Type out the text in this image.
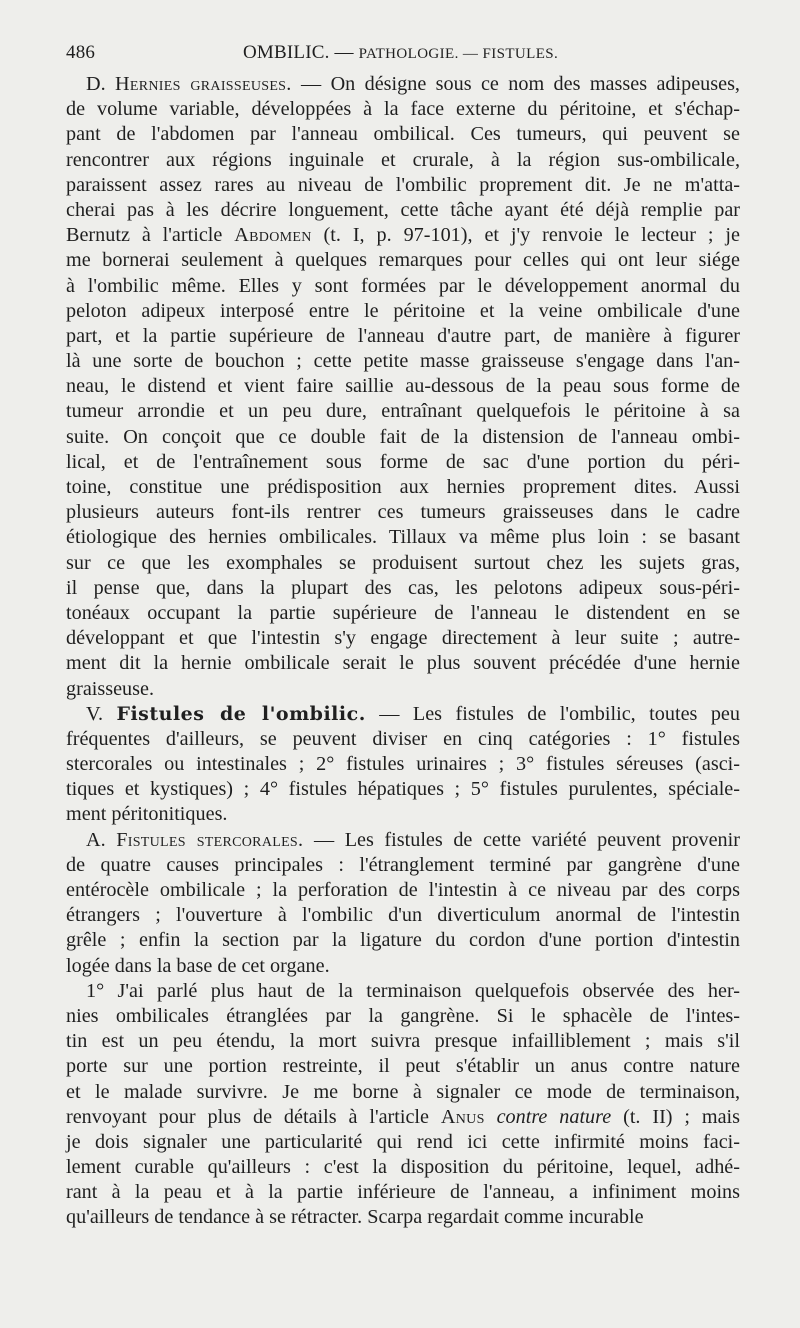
486	OMBILIC. — PATHOLOGIE. — FISTULES.
D. Hernies graisseuses. — On désigne sous ce nom des masses adipeuses,
de volume variable, développées à la face externe du péritoine, et s'échap-
pant de l'abdomen par l'anneau ombilical. Ces tumeurs, qui peuvent se
rencontrer aux régions inguinale et crurale, à la région sus-ombilicale,
paraissent assez rares au niveau de l'ombilic proprement dit. Je ne m'atta-
cherai pas à les décrire longuement, cette tâche ayant été déjà remplie par
Bernutz à l'article Abdomen (t. I, p. 97-101), et j'y renvoie le lecteur ; je
me bornerai seulement à quelques remarques pour celles qui ont leur siége
à l'ombilic même. Elles y sont formées par le développement anormal du
peloton adipeux interposé entre le péritoine et la veine ombilicale d'une
part, et la partie supérieure de l'anneau d'autre part, de manière à figurer
là une sorte de bouchon ; cette petite masse graisseuse s'engage dans l'an-
neau, le distend et vient faire saillie au-dessous de la peau sous forme de
tumeur arrondie et un peu dure, entraînant quelquefois le péritoine à sa
suite. On conçoit que ce double fait de la distension de l'anneau ombi-
lical, et de l'entraînement sous forme de sac d'une portion du péri-
toine, constitue une prédisposition aux hernies proprement dites. Aussi
plusieurs auteurs font-ils rentrer ces tumeurs graisseuses dans le cadre
étiologique des hernies ombilicales. Tillaux va même plus loin : se basant
sur ce que les exomphales se produisent surtout chez les sujets gras,
il pense que, dans la plupart des cas, les pelotons adipeux sous-péri-
tonéaux occupant la partie supérieure de l'anneau le distendent en se
développant et que l'intestin s'y engage directement à leur suite ; autre-
ment dit la hernie ombilicale serait le plus souvent précédée d'une hernie
graisseuse.
V. Fistules de l'ombilic. — Les fistules de l'ombilic, toutes peu
fréquentes d'ailleurs, se peuvent diviser en cinq catégories : 1° fistules
stercorales ou intestinales ; 2° fistules urinaires ; 3° fistules séreuses (asci-
tiques et kystiques) ; 4° fistules hépatiques ; 5° fistules purulentes, spéciale-
ment péritonitiques.
A. Fistules stercorales. — Les fistules de cette variété peuvent provenir
de quatre causes principales : l'étranglement terminé par gangrène d'une
entérocèle ombilicale ; la perforation de l'intestin à ce niveau par des corps
étrangers ; l'ouverture à l'ombilic d'un diverticulum anormal de l'intestin
grêle ; enfin la section par la ligature du cordon d'une portion d'intestin
logée dans la base de cet organe.
1° J'ai parlé plus haut de la terminaison quelquefois observée des her-
nies ombilicales étranglées par la gangrène. Si le sphacèle de l'intes-
tin est un peu étendu, la mort suivra presque infailliblement ; mais s'il
porte sur une portion restreinte, il peut s'établir un anus contre nature
et le malade survivre. Je me borne à signaler ce mode de terminaison,
renvoyant pour plus de détails à l'article Anus contre nature (t. II) ; mais
je dois signaler une particularité qui rend ici cette infirmité moins faci-
lement curable qu'ailleurs : c'est la disposition du péritoine, lequel, adhé-
rant à la peau et à la partie inférieure de l'anneau, a infiniment moins
qu'ailleurs de tendance à se rétracter. Scarpa regardait comme incurable
